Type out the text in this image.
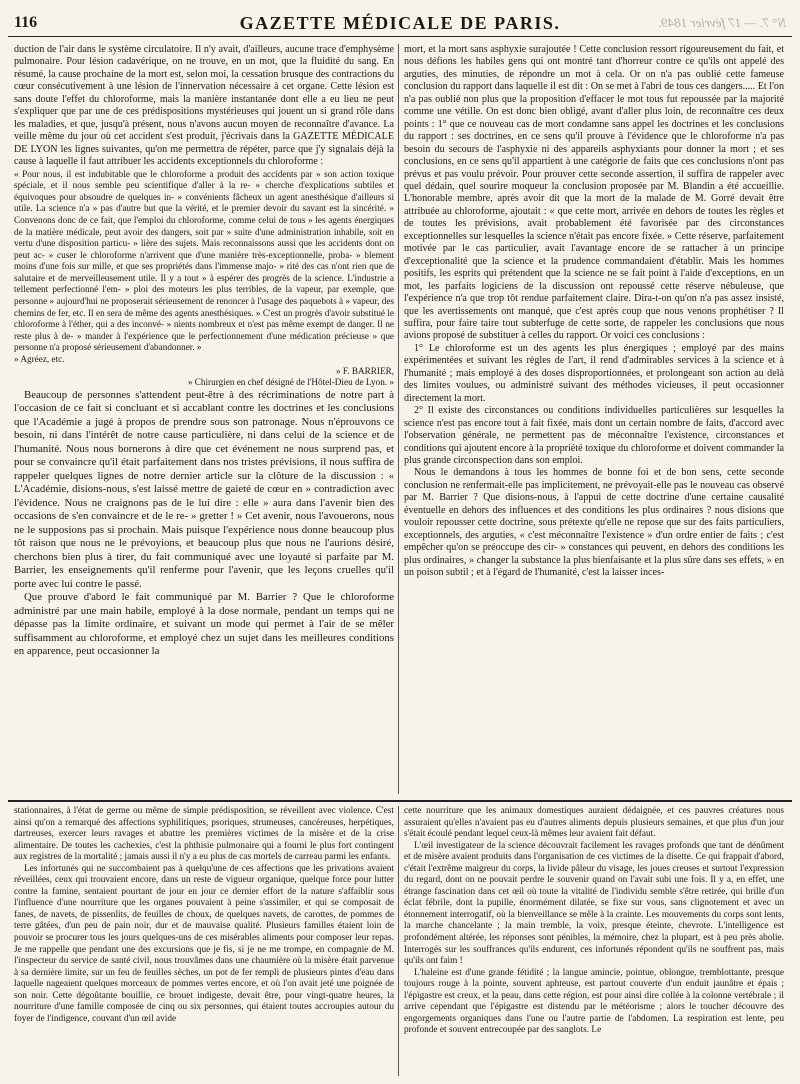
116	GAZETTE MÉDICALE DE PARIS.	N° 7. — 17 février 1849.

duction de l'air dans le système circulatoire. Il n'y avait, d'ailleurs, aucune trace d'emphysème pulmonaire. Pour lésion cadavérique, on ne trouve, en un mot, que la fluidité du sang. En résumé, la cause prochaine de la mort est, selon moi, la cessation brusque des contractions du cœur consécutivement à une lésion de l'innervation nécessaire à cet organe. Cette lésion est sans doute l'effet du chloroforme, mais la manière instantanée dont elle a eu lieu ne peut s'expliquer que par une de ces prédispositions mystérieuses qui jouent un si grand rôle dans les maladies, et que, jusqu'à présent, nous n'avons aucun moyen de reconnaître d'avance. La veille même du jour où cet accident s'est produit, j'écrivais dans la GAZETTE MÉDICALE DE LYON les lignes suivantes, qu'on me permettra de répéter, parce que j'y signalais déjà la cause à laquelle il faut attribuer les accidents exceptionnels du chloroforme :

« Pour nous, il est indubitable que le chloroforme a produit des accidents par » son action toxique spéciale, et il nous semble peu scientifique d'aller à la re- » cherche d'explications subtiles et équivoques pour absoudre de quelques in- » convénients fâcheux un agent anesthésique d'ailleurs si utile. La science n'a » pas d'autre but que la vérité, et le premier devoir du savant est la sincérité. » Convenons donc de ce fait, que l'emploi du chloroforme, comme celui de tous » les agents énergiques de la matière médicale, peut avoir des dangers, soit par » suite d'une administration inhabile, soit en vertu d'une disposition particu- » lière des sujets. Mais reconnaissons aussi que les accidents dont on peut ac- » cuser le chloroforme n'arrivent que d'une manière très-exceptionnelle, proba- » blement moins d'une fois sur mille, et que ses propriétés dans l'immense majo- » rité des cas n'ont rien que de salutaire et de merveilleusement utile. Il y a tout » à espérer des progrès de la science. L'industrie a tellement perfectionné l'em- » ploi des moteurs les plus terribles, de la vapeur, par exemple, que personne » aujourd'hui ne proposerait sérieusement de renoncer à l'usage des paquebots à » vapeur, des chemins de fer, etc. Il en sera de même des agents anesthésiques. » C'est un progrès d'avoir substitué le chloroforme à l'éther, qui a des inconvé- » nients nombreux et n'est pas même exempt de danger. Il ne reste plus à de- » mander à l'expérience que le perfectionnement d'une médication précieuse » que personne n'a proposé sérieusement d'abandonner. »

» Agréez, etc.

» F. BARRIER,

» Chirurgien en chef désigné de l'Hôtel-Dieu de Lyon. »

Beaucoup de personnes s'attendent peut-être à des récriminations de notre part à l'occasion de ce fait si concluant et si accablant contre les doctrines et les conclusions que l'Académie a jugé à propos de prendre sous son patronage. Nous n'éprouvons ce besoin, ni dans l'intérêt de notre cause particulière, ni dans celui de la science et de l'humanité. Nous nous bornerons à dire que cet événement ne nous surprend pas, et pour se convaincre qu'il était parfaitement dans nos tristes prévisions, il nous suffira de rappeler quelques lignes de notre dernier article sur la clôture de la discussion : « L'Académie, disions-nous, s'est laissé mettre de gaieté de cœur en » contradiction avec l'évidence. Nous ne craignons pas de le lui dire : elle » aura dans l'avenir bien des occasions de s'en convaincre et de le re- » gretter ! » Cet avenir, nous l'avouerons, nous ne le supposions pas si prochain. Mais puisque l'expérience nous donne beaucoup plus tôt raison que nous ne le prévoyions, et beaucoup plus que nous ne l'aurions désiré, cherchons bien plus à tirer, du fait communiqué avec une loyauté si parfaite par M. Barrier, les enseignements qu'il renferme pour l'avenir, que les leçons cruelles qu'il porte avec lui contre le passé.

Que prouve d'abord le fait communiqué par M. Barrier ? Que le chloroforme administré par une main habile, employé à la dose normale, pendant un temps qui ne dépasse pas la limite ordinaire, et suivant un mode qui permet à l'air de se mêler suffisamment au chloroforme, et employé chez un sujet dans les meilleures conditions en apparence, peut occasionner la

mort, et la mort sans asphyxie surajoutée ! Cette conclusion ressort rigoureusement du fait, et nous défions les habiles gens qui ont montré tant d'horreur contre ce qu'ils ont appelé des arguties, des minuties, de répondre un mot à cela. Or on n'a pas oublié cette fameuse conclusion du rapport dans laquelle il est dit : On se met à l'abri de tous ces dangers..... Et l'on n'a pas oublié non plus que la proposition d'effacer le mot tous fut repoussée par la majorité comme une vétille. On est donc bien obligé, avant d'aller plus loin, de reconnaître ces deux points : 1° que ce nouveau cas de mort condamne sans appel les doctrines et les conclusions du rapport : ses doctrines, en ce sens qu'il prouve à l'évidence que le chloroforme n'a pas besoin du secours de l'asphyxie ni des appareils asphyxiants pour donner la mort ; et ses conclusions, en ce sens qu'il appartient à une catégorie de faits que ces conclusions n'ont pas prévus et pas voulu prévoir. Pour prouver cette seconde assertion, il suffira de rappeler avec quel dédain, quel sourire moqueur la conclusion proposée par M. Blandin a été accueillie. L'honorable membre, après avoir dit que la mort de la malade de M. Gorré devait être attribuée au chloroforme, ajoutait : « que cette mort, arrivée en dehors de toutes les règles et de toutes les prévisions, avait probablement été favorisée par des circonstances exceptionnelles sur lesquelles la science n'était pas encore fixée. » Cette réserve, parfaitement motivée par le cas particulier, avait l'avantage encore de se rattacher à un principe d'exceptionalité que la science et la prudence commandaient d'établir. Mais les hommes positifs, les esprits qui prétendent que la science ne se fait point à l'aide d'exceptions, en un mot, les parfaits logiciens de la discussion ont repoussé cette réserve nébuleuse, que l'expérience n'a que trop tôt rendue parfaitement claire. Dira-t-on qu'on n'a pas assez insisté, que les avertissements ont manqué, que c'est après coup que nous venons prophétiser ? Il suffira, pour faire taire tout subterfuge de cette sorte, de rappeler les conclusions que nous avions proposé de substituer à celles du rapport. Or voici ces conclusions :

1° Le chloroforme est un des agents les plus énergiques ; employé par des mains expérimentées et suivant les règles de l'art, il rend d'admirables services à la science et à l'humanité ; mais employé à des doses disproportionnées, et prolongeant son action au delà des limites voulues, ou administré suivant des méthodes vicieuses, il peut occasionner directement la mort.

2° Il existe des circonstances ou conditions individuelles particulières sur lesquelles la science n'est pas encore tout à fait fixée, mais dont un certain nombre de faits, d'accord avec l'observation générale, ne permettent pas de méconnaître l'existence, circonstances et conditions qui ajoutent encore à la propriété toxique du chloroforme et doivent commander la plus grande circonspection dans son emploi.

Nous le demandons à tous les hommes de bonne foi et de bon sens, cette seconde conclusion ne renfermait-elle pas implicitement, ne prévoyait-elle pas le nouveau cas observé par M. Barrier ? Que disions-nous, à l'appui de cette doctrine d'une certaine causalité éventuelle en dehors des influences et des conditions les plus ordinaires ? nous disions que vouloir repousser cette doctrine, sous prétexte qu'elle ne repose que sur des faits particuliers, exceptionnels, des arguties, « c'est méconnaître l'existence » d'un ordre entier de faits ; c'est empêcher qu'on se préoccupe des cir- » constances qui peuvent, en dehors des conditions les plus ordinaires, » changer la substance la plus bienfaisante et la plus sûre dans ses effets, » en un poison subtil ; et à l'égard de l'humanité, c'est la laisser inces-

stationnaires, à l'état de germe ou même de simple prédisposition, se réveillent avec violence. C'est ainsi qu'on a remarqué des affections syphilitiques, psoriques, strumeuses, cancéreuses, herpétiques, dartreuses, exercer leurs ravages et abattre les premières victimes de la misère et de la crise alimentaire. De toutes les cachexies, c'est la phthisie pulmonaire qui a fourni le plus fort contingent aux registres de la mortalité ; jamais aussi il n'y a eu plus de cas mortels de carreau parmi les enfants.

Les infortunés qui ne succombaient pas à quelqu'une de ces affections que les privations avaient réveillées, ceux qui trouvaient encore, dans un reste de vigueur organique, quelque force pour lutter contre la famine, sentaient pourtant de jour en jour ce dernier effort de la nature s'affaiblir sous l'influence d'une nourriture que les organes pouvaient à peine s'assimiler, et qui se composait de fanes, de navets, de pissenlits, de feuilles de choux, de quelques navets, de carottes, de pommes de terre gâtées, d'un peu de pain noir, dur et de mauvaise qualité. Plusieurs familles étaient loin de pouvoir se procurer tous les jours quelques-uns de ces misérables aliments pour composer leur repas. Je me rappelle que pendant une des excursions que je fis, si je ne me trompe, en compagnie de M. l'inspecteur du service de santé civil, nous trouvâmes dans une chaumière où la misère était parvenue à sa dernière limite, sur un feu de feuilles sèches, un pot de fer rempli de plusieurs pintes d'eau dans laquelle nageaient quelques morceaux de pommes vertes encore, et où l'on avait jeté une poignée de son noir. Cette dégoûtante bouillie, ce brouet indigeste, devait être, pour vingt-quatre heures, la nourriture d'une famille composée de cinq ou six personnes, qui étaient toutes accroupies autour du foyer de l'indigence, couvant d'un œil avide

cette nourriture que les animaux domestiques auraient dédaignée, et ces pauvres créatures nous assuraient qu'elles n'avaient pas eu d'autres aliments depuis plusieurs semaines, et que plus d'un jour s'était écoulé pendant lequel ceux-là mêmes leur avaient fait défaut.

L'œil investigateur de la science découvrait facilement les ravages profonds que tant de dénûment et de misère avaient produits dans l'organisation de ces victimes de la disette. Ce qui frappait d'abord, c'était l'extrême maigreur du corps, la livide pâleur du visage, les joues creuses et surtout l'expression du regard, dont on ne pouvait perdre le souvenir quand on l'avait subi une fois. Il y a, en effet, une étrange fascination dans cet œil où toute la vitalité de l'individu semble s'être retirée, qui brille d'un éclat fébrile, dont la pupille, énormément dilatée, se fixe sur vous, sans clignotement et avec un étonnement interrogatif, où la bienveillance se mêle à la crainte. Les mouvements du corps sont lents, la marche chancelante ; la main tremble, la voix, presque éteinte, chevrote. L'intelligence est profondément altérée, les réponses sont pénibles, la mémoire, chez la plupart, est à peu près abolie. Interrogés sur les souffrances qu'ils endurent, ces infortunés répondent qu'ils ne souffrent pas, mais qu'ils ont faim !

L'haleine est d'une grande fétidité ; la langue amincie, pointue, oblongue, tremblottante, presque toujours rouge à la pointe, souvent aphteuse, est partout couverte d'un enduit jaunâtre et épais ; l'épigastre est creux, et la peau, dans cette région, est pour ainsi dire collée à la colonne vertébrale ; il arrive cependant que l'épigastre est distendu par le météorisme ; alors le toucher découvre des engorgements organiques dans l'une ou l'autre partie de l'abdomen. La respiration est lente, peu profonde et souvent entrecoupée par des sanglots. Le
